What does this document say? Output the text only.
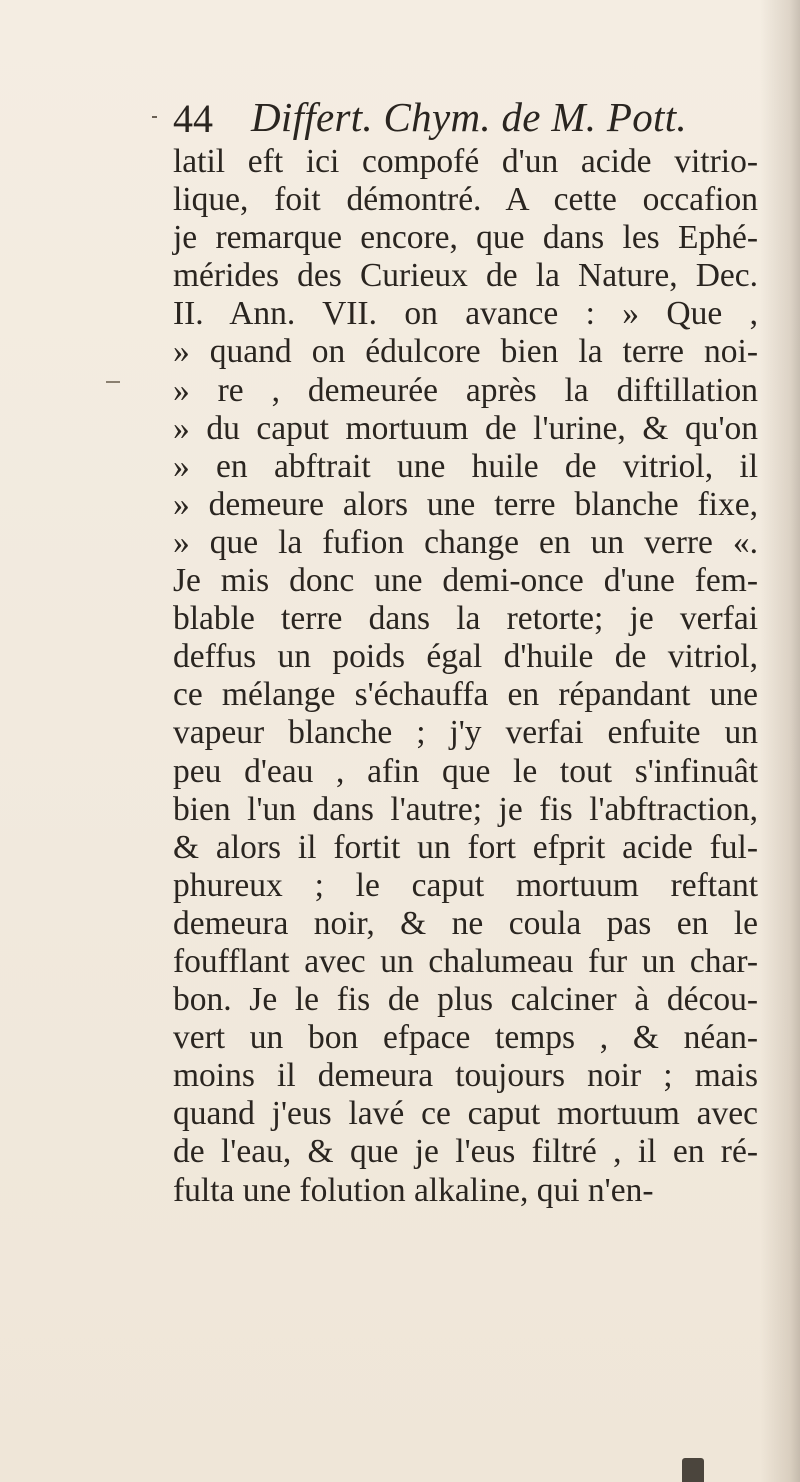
44 Differt. Chym. de M. Pott.
latil eft ici compofé d'un acide vitrio-
lique, foit démontré. A cette occafion
je remarque encore, que dans les Ephé-
mérides des Curieux de la Nature, Dec.
II. Ann. VII. on avance : » Que ,
» quand on édulcore bien la terre noi-
» re , demeurée après la diftillation
» du caput mortuum de l'urine, & qu'on
» en abftrait une huile de vitriol, il
» demeure alors une terre blanche fixe,
» que la fufion change en un verre «.
Je mis donc une demi-once d'une fem-
blable terre dans la retorte; je verfai
deffus un poids égal d'huile de vitriol,
ce mélange s'échauffa en répandant une
vapeur blanche ; j'y verfai enfuite un
peu d'eau , afin que le tout s'infinuât
bien l'un dans l'autre; je fis l'abftraction,
& alors il fortit un fort efprit acide ful-
phureux ; le caput mortuum reftant
demeura noir, & ne coula pas en le
foufflant avec un chalumeau fur un char-
bon. Je le fis de plus calciner à décou-
vert un bon efpace temps , & néan-
moins il demeura toujours noir ; mais
quand j'eus lavé ce caput mortuum avec
de l'eau, & que je l'eus filtré , il en ré-
fulta une folution alkaline, qui n'en-
